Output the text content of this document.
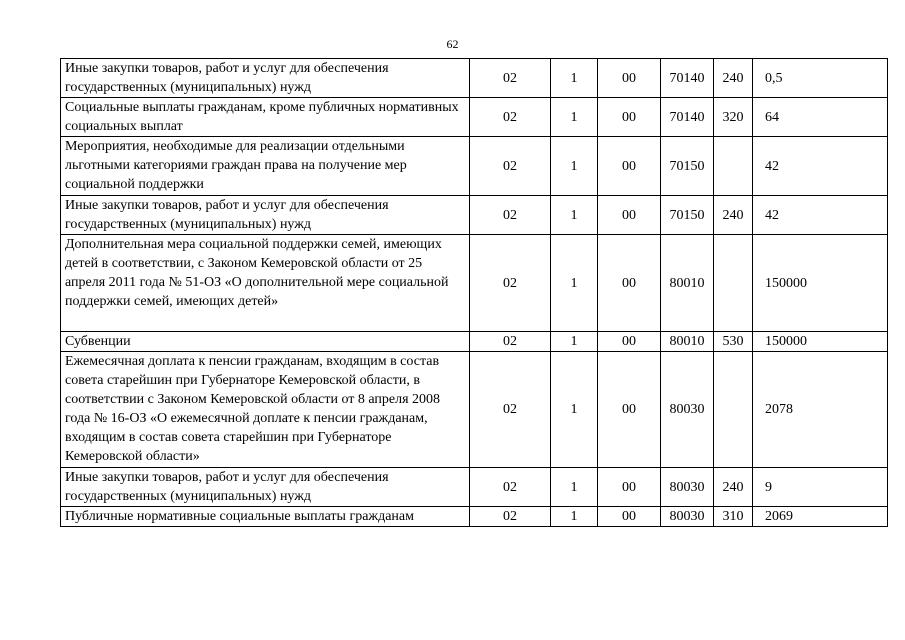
62
Иные закупки товаров, работ и услуг для обеспечения государственных (муниципальных) нужд	02	1	00	70140	240	0,5
Социальные выплаты гражданам, кроме публичных нормативных социальных выплат	02	1	00	70140	320	64
Мероприятия, необходимые для реализации отдельными льготными категориями граждан права на получение мер социальной поддержки	02	1	00	70150		42
Иные закупки товаров, работ и услуг для обеспечения государственных (муниципальных) нужд	02	1	00	70150	240	42
Дополнительная мера социальной поддержки семей, имеющих детей в соответствии, с Законом Кемеровской области от 25 апреля 2011 года № 51-ОЗ «О дополнительной мере социальной поддержки семей, имеющих детей»	02	1	00	80010		150000
Субвенции	02	1	00	80010	530	150000
Ежемесячная доплата к пенсии гражданам, входящим в состав совета старейшин при Губернаторе Кемеровской области, в соответствии с Законом Кемеровской области от 8 апреля 2008 года № 16-ОЗ «О ежемесячной доплате к пенсии гражданам, входящим в состав совета старейшин при Губернаторе Кемеровской области»	02	1	00	80030		2078
Иные закупки товаров, работ и услуг для обеспечения государственных (муниципальных) нужд	02	1	00	80030	240	9
Публичные нормативные социальные выплаты гражданам	02	1	00	80030	310	2069
